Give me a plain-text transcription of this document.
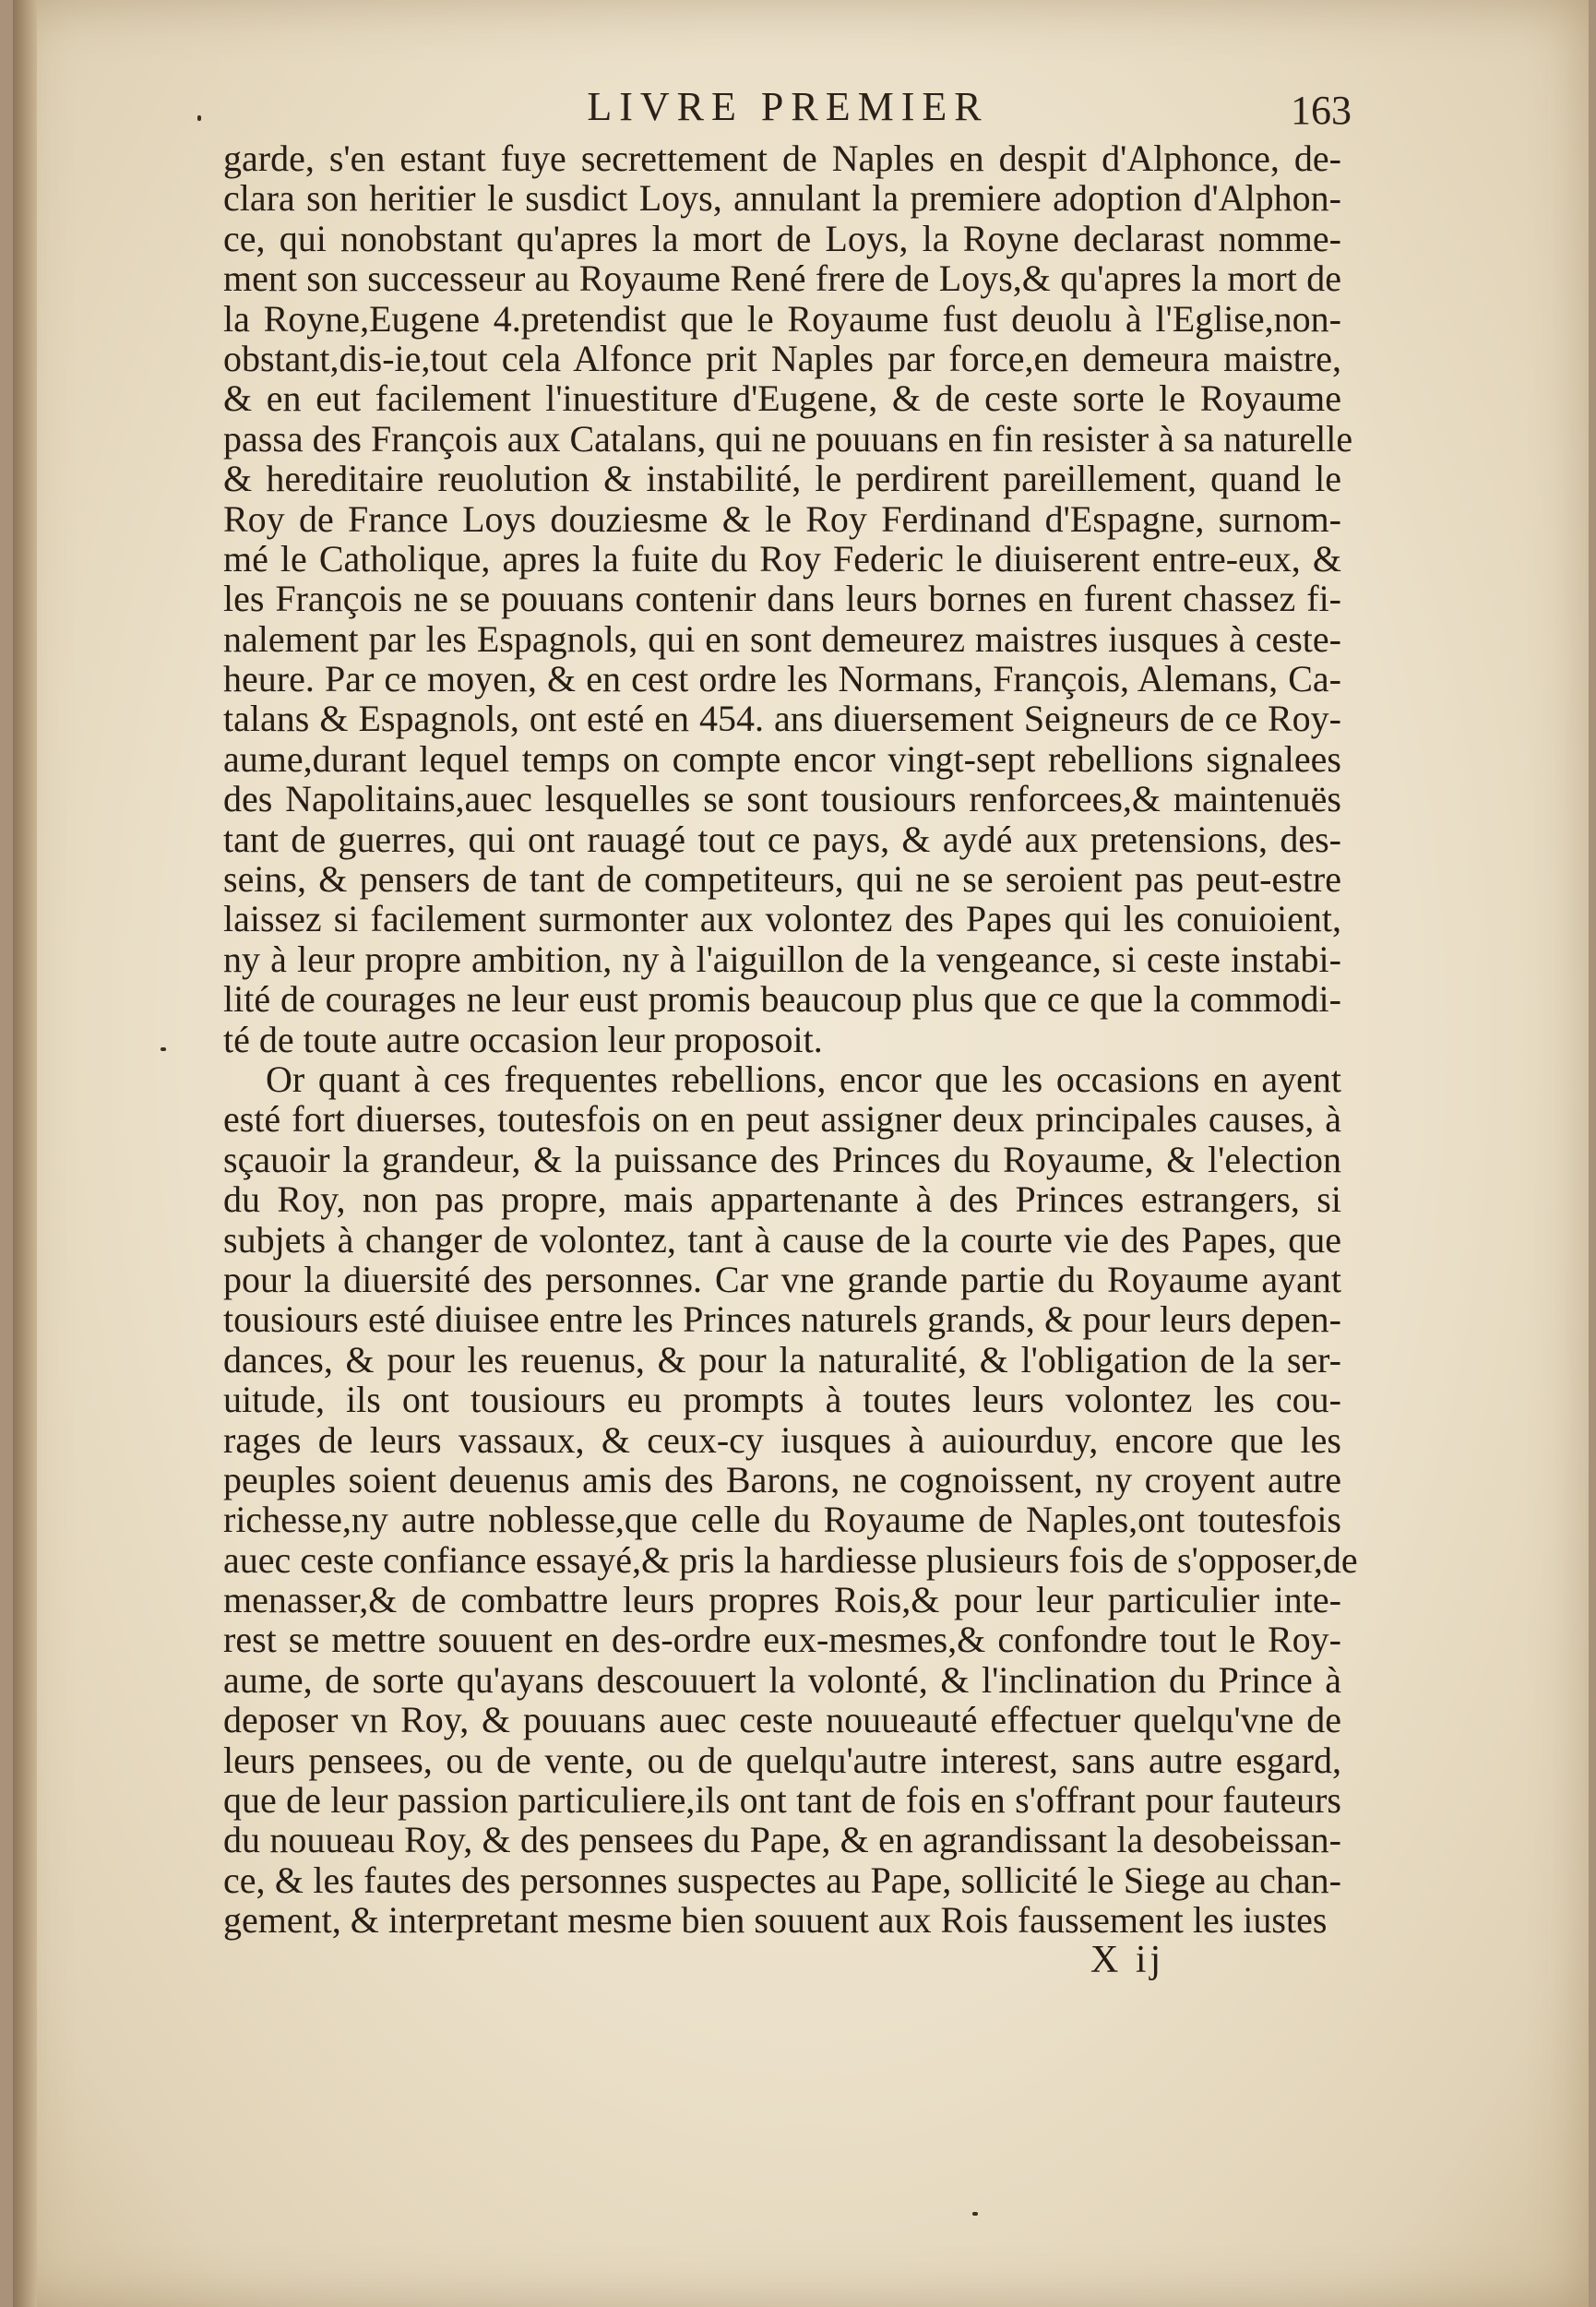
LIVRE PREMIER	163
garde, s'en estant fuye secrettement de Naples en despit d'Alphonce, de-
clara son heritier le susdict Loys, annulant la premiere adoption d'Alphon-
ce, qui nonobstant qu'apres la mort de Loys, la Royne declarast nomme-
ment son successeur au Royaume René frere de Loys,& qu'apres la mort de
la Royne,Eugene 4.pretendist que le Royaume fust deuolu à l'Eglise,non-
obstant,dis-ie,tout cela Alfonce prit Naples par force,en demeura maistre,
& en eut facilement l'inuestiture d'Eugene, & de ceste sorte le Royaume
passa des François aux Catalans, qui ne pouuans en fin resister à sa naturelle
& hereditaire reuolution & instabilité, le perdirent pareillement, quand le
Roy de France Loys douziesme & le Roy Ferdinand d'Espagne, surnom-
mé le Catholique, apres la fuite du Roy Federic le diuiserent entre-eux, &
les François ne se pouuans contenir dans leurs bornes en furent chassez fi-
nalement par les Espagnols, qui en sont demeurez maistres iusques à ceste-
heure. Par ce moyen, & en cest ordre les Normans, François, Alemans, Ca-
talans & Espagnols, ont esté en 454. ans diuersement Seigneurs de ce Roy-
aume,durant lequel temps on compte encor vingt-sept rebellions signalees
des Napolitains,auec lesquelles se sont tousiours renforcees,& maintenuës
tant de guerres, qui ont rauagé tout ce pays, & aydé aux pretensions, des-
seins, & pensers de tant de competiteurs, qui ne se seroient pas peut-estre
laissez si facilement surmonter aux volontez des Papes qui les conuioient,
ny à leur propre ambition, ny à l'aiguillon de la vengeance, si ceste instabi-
lité de courages ne leur eust promis beaucoup plus que ce que la commodi-
té de toute autre occasion leur proposoit.
Or quant à ces frequentes rebellions, encor que les occasions en ayent
esté fort diuerses, toutesfois on en peut assigner deux principales causes, à
sçauoir la grandeur, & la puissance des Princes du Royaume, & l'election
du Roy, non pas propre, mais appartenante à des Princes estrangers, si
subjets à changer de volontez, tant à cause de la courte vie des Papes, que
pour la diuersité des personnes. Car vne grande partie du Royaume ayant
tousiours esté diuisee entre les Princes naturels grands, & pour leurs depen-
dances, & pour les reuenus, & pour la naturalité, & l'obligation de la ser-
uitude, ils ont tousiours eu prompts à toutes leurs volontez les cou-
rages de leurs vassaux, & ceux-cy iusques à auiourduy, encore que les
peuples soient deuenus amis des Barons, ne cognoissent, ny croyent autre
richesse,ny autre noblesse,que celle du Royaume de Naples,ont toutesfois
auec ceste confiance essayé,& pris la hardiesse plusieurs fois de s'opposer,de
menasser,& de combattre leurs propres Rois,& pour leur particulier inte-
rest se mettre souuent en des-ordre eux-mesmes,& confondre tout le Roy-
aume, de sorte qu'ayans descouuert la volonté, & l'inclination du Prince à
deposer vn Roy, & pouuans auec ceste nouueauté effectuer quelqu'vne de
leurs pensees, ou de vente, ou de quelqu'autre interest, sans autre esgard,
que de leur passion particuliere,ils ont tant de fois en s'offrant pour fauteurs
du nouueau Roy, & des pensees du Pape, & en agrandissant la desobeissan-
ce, & les fautes des personnes suspectes au Pape, sollicité le Siege au chan-
gement, & interpretant mesme bien souuent aux Rois faussement les iustes
X ij
